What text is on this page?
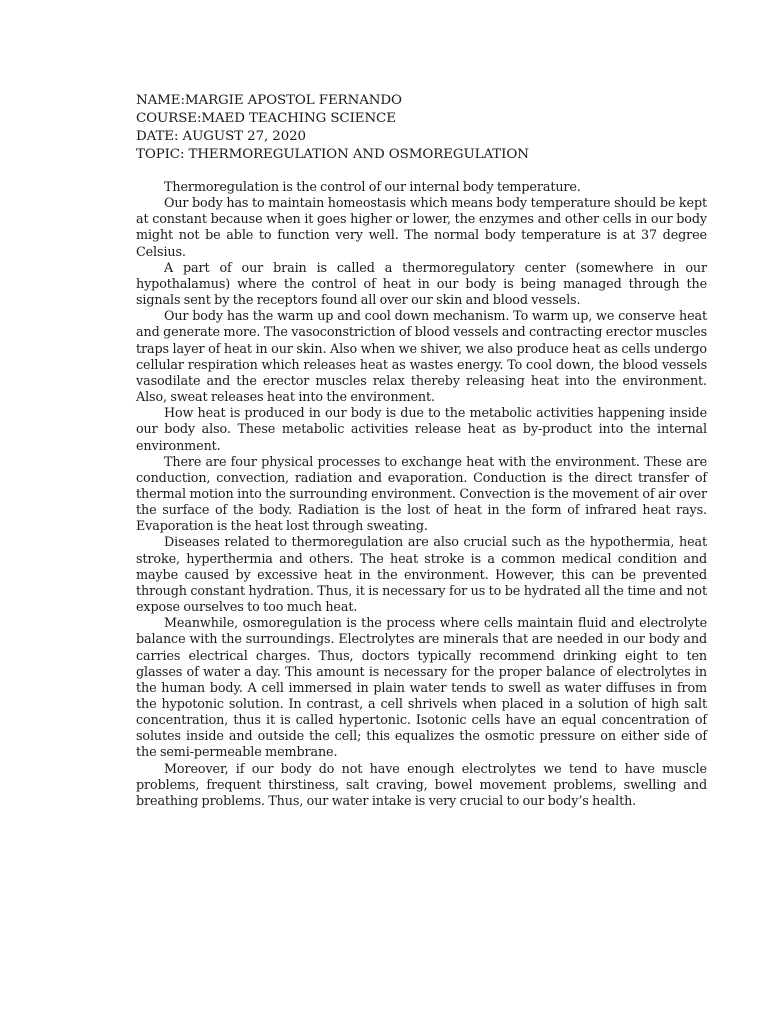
NAME:MARGIE APOSTOL FERNANDO

COURSE:MAED TEACHING SCIENCE

DATE: AUGUST 27, 2020

TOPIC: THERMOREGULATION AND OSMOREGULATION

Thermoregulation is the control of our internal body temperature.

Our body has to maintain homeostasis which means body temperature should be kept at constant because when it goes higher or lower, the enzymes and other cells in our body might not be able to function very well. The normal body temperature is at 37 degree Celsius.

A part of our brain is called a thermoregulatory center (somewhere in our hypothalamus) where the control of heat in our body is being managed through the signals sent by the receptors found all over our skin and blood vessels.

Our body has the warm up and cool down mechanism. To warm up, we conserve heat and generate more. The vasoconstriction of blood vessels and contracting erector muscles traps layer of heat in our skin. Also when we shiver, we also produce heat as cells undergo cellular respiration which releases heat as wastes energy. To cool down, the blood vessels vasodilate and the erector muscles relax thereby releasing heat into the environment. Also, sweat releases heat into the environment.

How heat is produced in our body is due to the metabolic activities happening inside our body also. These metabolic activities release heat as by-product into the internal environment.

There are four physical processes to exchange heat with the environment. These are conduction, convection, radiation and evaporation. Conduction is the direct transfer of thermal motion into the surrounding environment. Convection is the movement of air over the surface of the body. Radiation is the lost of heat in the form of infrared heat rays. Evaporation is the heat lost through sweating.

Diseases related to thermoregulation are also crucial such as the hypothermia, heat stroke, hyperthermia and others. The heat stroke is a common medical condition and maybe caused by excessive heat in the environment. However, this can be prevented through constant hydration. Thus, it is necessary for us to be hydrated all the time and not expose ourselves to too much heat.

Meanwhile, osmoregulation is the process where cells maintain fluid and electrolyte balance with the surroundings. Electrolytes are minerals that are needed in our body and carries electrical charges. Thus, doctors typically recommend drinking eight to ten glasses of water a day. This amount is necessary for the proper balance of electrolytes in the human body. A cell immersed in plain water tends to swell as water diffuses in from the hypotonic solution. In contrast, a cell shrivels when placed in a solution of high salt concentration, thus it is called hypertonic. Isotonic cells have an equal concentration of solutes inside and outside the cell; this equalizes the osmotic pressure on either side of the semi-permeable membrane.

Moreover, if our body do not have enough electrolytes we tend to have muscle problems, frequent thirstiness, salt craving, bowel movement problems, swelling and breathing problems. Thus, our water intake is very crucial to our body’s health.
